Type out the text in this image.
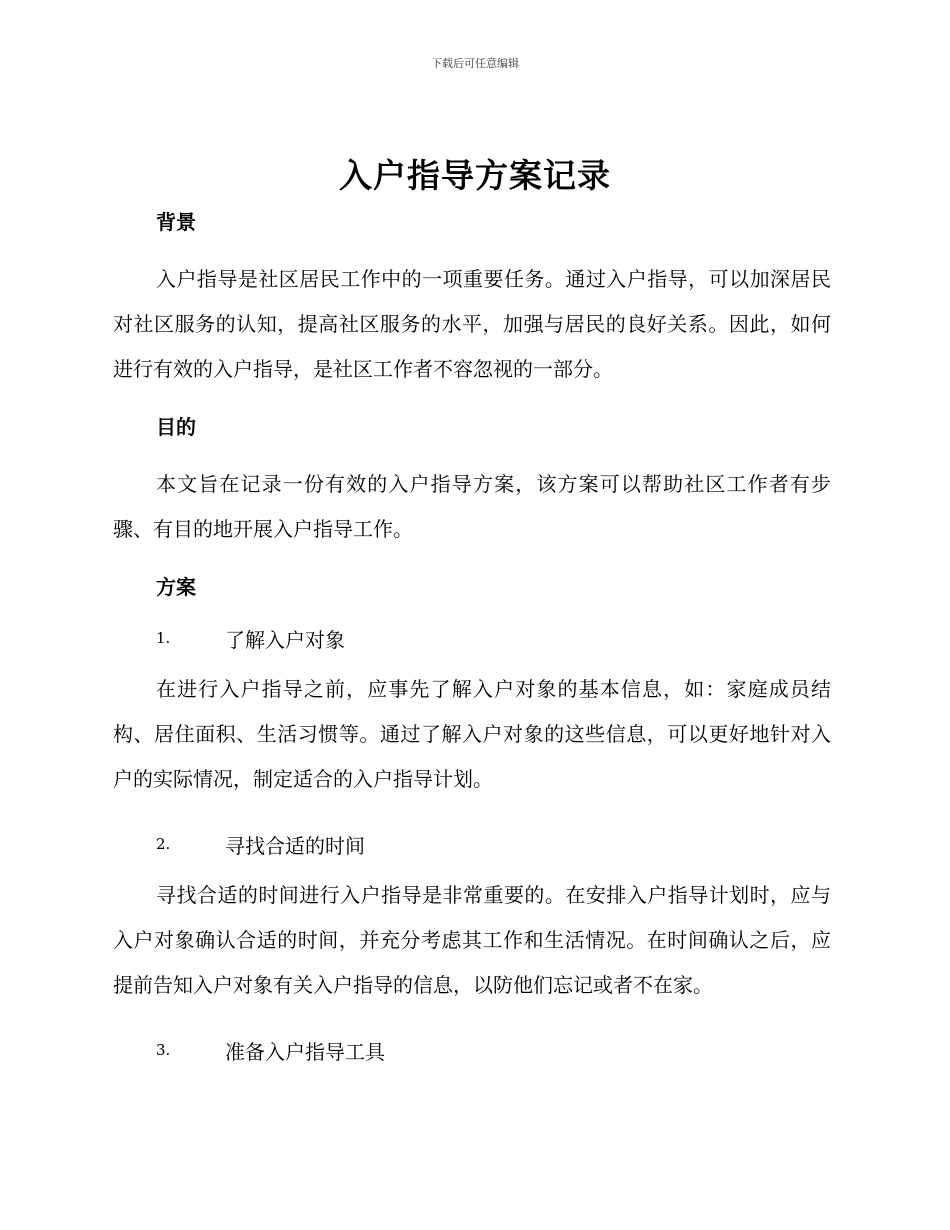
下载后可任意编辑
入户指导方案记录

背景

入户指导是社区居民工作中的一项重要任务。通过入户指导，可以加深居民对社区服务的认知，提高社区服务的水平，加强与居民的良好关系。因此，如何进行有效的入户指导，是社区工作者不容忽视的一部分。

目的

本文旨在记录一份有效的入户指导方案，该方案可以帮助社区工作者有步骤、有目的地开展入户指导工作。

方案

1.	了解入户对象

在进行入户指导之前，应事先了解入户对象的基本信息，如：家庭成员结构、居住面积、生活习惯等。通过了解入户对象的这些信息，可以更好地针对入户的实际情况，制定适合的入户指导计划。

2.	寻找合适的时间

寻找合适的时间进行入户指导是非常重要的。在安排入户指导计划时，应与入户对象确认合适的时间，并充分考虑其工作和生活情况。在时间确认之后，应提前告知入户对象有关入户指导的信息，以防他们忘记或者不在家。

3.	准备入户指导工具
